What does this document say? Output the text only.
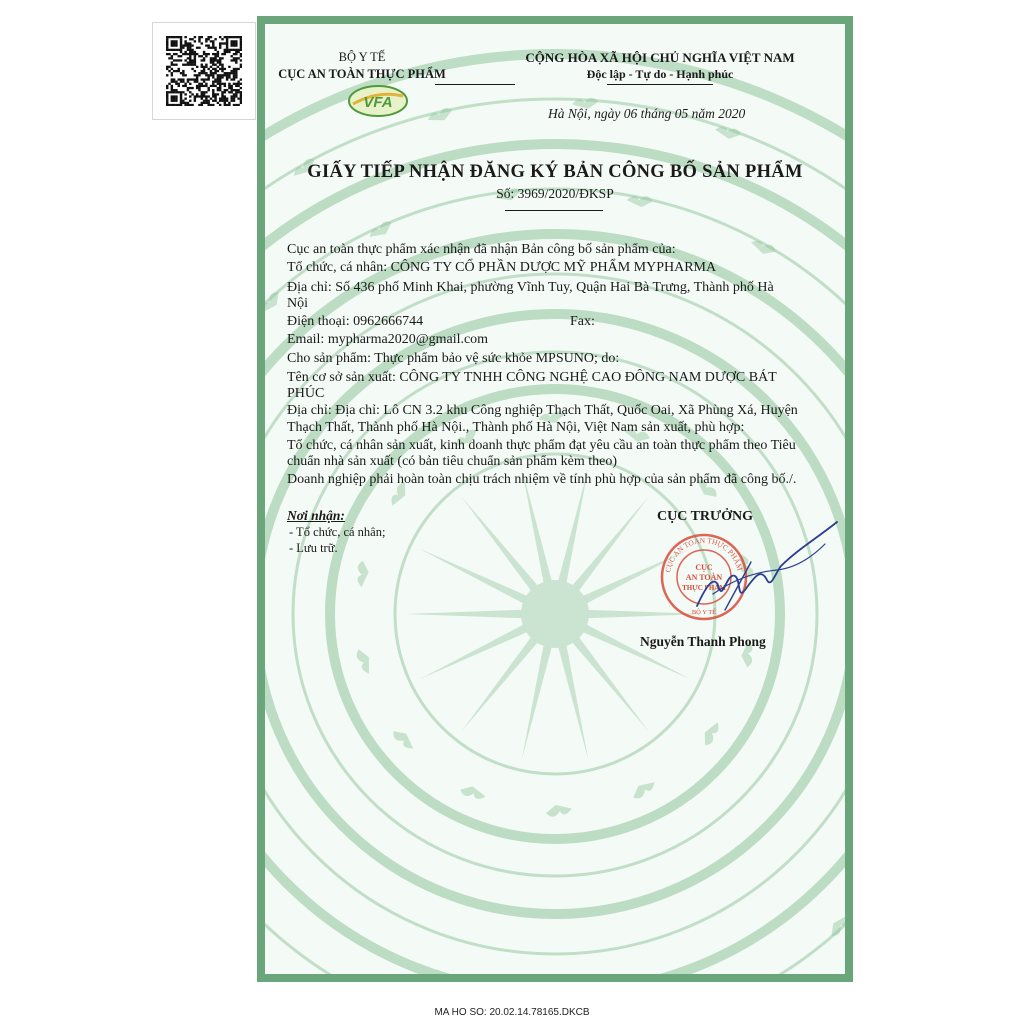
BỘ Y TẾ
CỤC AN TOÀN THỰC PHẨM
VFA
CỘNG HÒA XÃ HỘI CHỦ NGHĨA VIỆT NAM
Độc lập - Tự do - Hạnh phúc
Hà Nội, ngày 06 tháng 05 năm 2020
GIẤY TIẾP NHẬN ĐĂNG KÝ BẢN CÔNG BỐ SẢN PHẨM
Số: 3969/2020/ĐKSP
Cục an toàn thực phẩm xác nhận đã nhận Bản công bố sản phẩm của:
Tổ chức, cá nhân: CÔNG TY CỔ PHẦN DƯỢC MỸ PHẨM MYPHARMA
Địa chỉ: Số 436 phố Minh Khai, phường Vĩnh Tuy, Quận Hai Bà Trưng, Thành phố Hà
Nội
Điện thoại: 0962666744	Fax:
Email: mypharma2020@gmail.com
Cho sản phẩm: Thực phẩm bảo vệ sức khỏe MPSUNO; do:
Tên cơ sở sản xuất: CÔNG TY TNHH CÔNG NGHỆ CAO ĐÔNG NAM DƯỢC BÁT
PHÚC
Địa chỉ: Địa chỉ: Lô CN 3.2 khu Công nghiệp Thạch Thất, Quốc Oai, Xã Phùng Xá, Huyện
Thạch Thất, Thành phố Hà Nội., Thành phố Hà Nội, Việt Nam sản xuất, phù hợp:
Tổ chức, cá nhân sản xuất, kinh doanh thực phẩm đạt yêu cầu an toàn thực phẩm theo Tiêu
chuẩn nhà sản xuất (có bản tiêu chuẩn sản phẩm kèm theo)
Doanh nghiệp phải hoàn toàn chịu trách nhiệm về tính phù hợp của sản phẩm đã công bố./.
Nơi nhận:
- Tổ chức, cá nhân;
- Lưu trữ.
CỤC TRƯỞNG
CỤC AN TOÀN THỰC PHẨM
CỤC
AN TOÀN
THỰC PHẨM
BỘ Y TẾ
Nguyễn Thanh Phong
MA HO SO: 20.02.14.78165.DKCB
